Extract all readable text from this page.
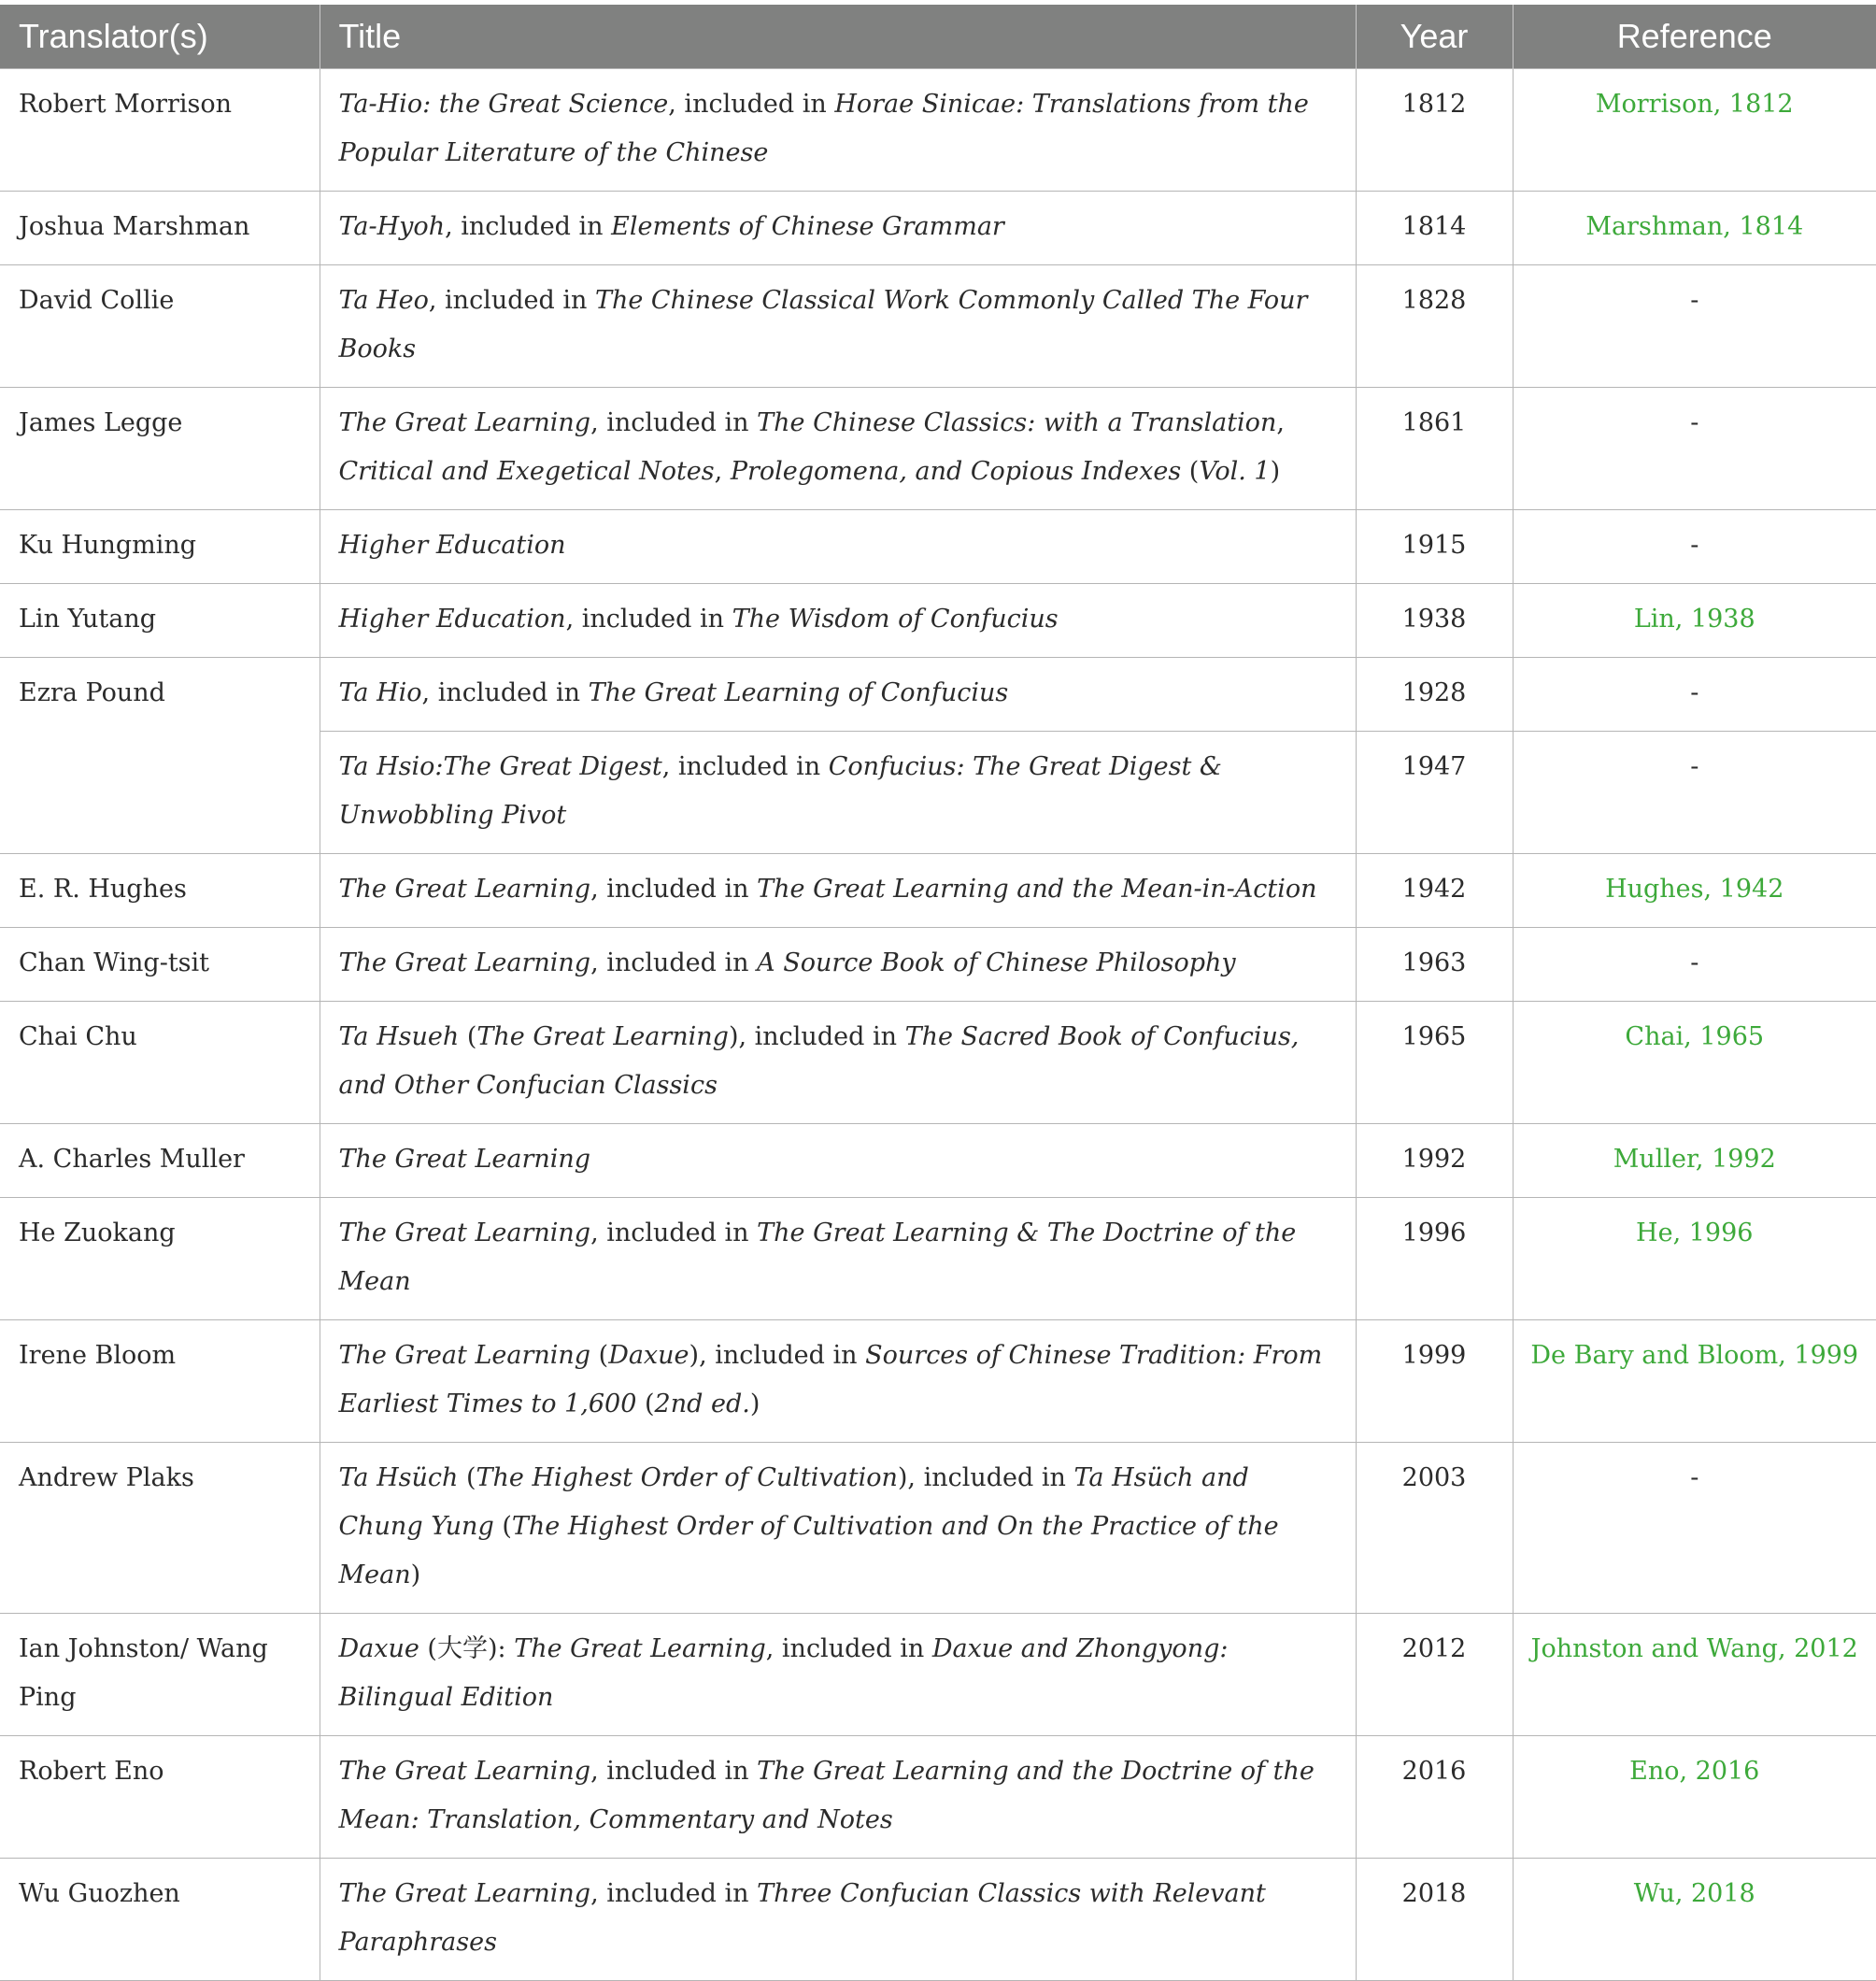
Translator(s)	Title	Year	Reference
Robert Morrison	Ta-Hio: the Great Science, included in Horae Sinicae: Translations from the Popular Literature of the Chinese	1812	Morrison, 1812
Joshua Marshman	Ta-Hyoh, included in Elements of Chinese Grammar	1814	Marshman, 1814
David Collie	Ta Heo, included in The Chinese Classical Work Commonly Called The Four Books	1828	-
James Legge	The Great Learning, included in The Chinese Classics: with a Translation, Critical and Exegetical Notes, Prolegomena, and Copious Indexes (Vol. 1)	1861	-
Ku Hungming	Higher Education	1915	-
Lin Yutang	Higher Education, included in The Wisdom of Confucius	1938	Lin, 1938
Ezra Pound	Ta Hio, included in The Great Learning of Confucius	1928	-
	Ta Hsio:The Great Digest, included in Confucius: The Great Digest & Unwobbling Pivot	1947	-
E. R. Hughes	The Great Learning, included in The Great Learning and the Mean-in-Action	1942	Hughes, 1942
Chan Wing-tsit	The Great Learning, included in A Source Book of Chinese Philosophy	1963	-
Chai Chu	Ta Hsueh (The Great Learning), included in The Sacred Book of Confucius, and Other Confucian Classics	1965	Chai, 1965
A. Charles Muller	The Great Learning	1992	Muller, 1992
He Zuokang	The Great Learning, included in The Great Learning & The Doctrine of the Mean	1996	He, 1996
Irene Bloom	The Great Learning (Daxue), included in Sources of Chinese Tradition: From Earliest Times to 1,600 (2nd ed.)	1999	De Bary and Bloom, 1999
Andrew Plaks	Ta Hsüch (The Highest Order of Cultivation), included in Ta Hsüch and Chung Yung (The Highest Order of Cultivation and On the Practice of the Mean)	2003	-
Ian Johnston/ Wang Ping	Daxue (大学): The Great Learning, included in Daxue and Zhongyong: Bilingual Edition	2012	Johnston and Wang, 2012
Robert Eno	The Great Learning, included in The Great Learning and the Doctrine of the Mean: Translation, Commentary and Notes	2016	Eno, 2016
Wu Guozhen	The Great Learning, included in Three Confucian Classics with Relevant Paraphrases	2018	Wu, 2018
